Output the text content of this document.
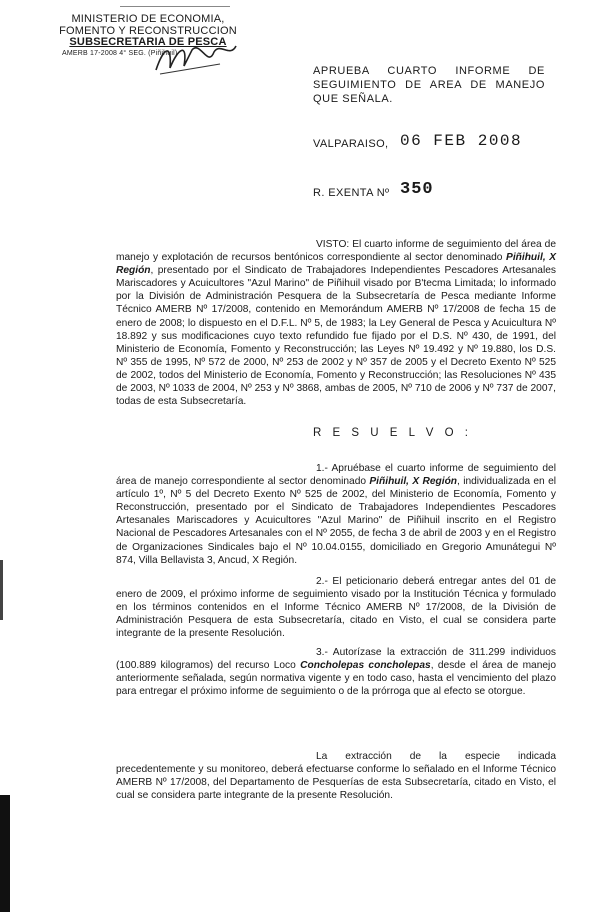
MINISTERIO DE ECONOMIA,
FOMENTO Y RECONSTRUCCION
SUBSECRETARIA DE PESCA
AMERB 17-2008 4° SEG. (Piñihuil)
APRUEBA CUARTO INFORME DE SEGUIMIENTO DE AREA DE MANEJO QUE SEÑALA.
VALPARAISO, 06 FEB 2008
R. EXENTA Nº 350
VISTO: El cuarto informe de seguimiento del área de manejo y explotación de recursos bentónicos correspondiente al sector denominado Piñihuil, X Región, presentado por el Sindicato de Trabajadores Independientes Pescadores Artesanales Mariscadores y Acuicultores "Azul Marino" de Piñihuil visado por B'tecma Limitada; lo informado por la División de Administración Pesquera de la Subsecretaría de Pesca mediante Informe Técnico AMERB Nº 17/2008, contenido en Memorándum AMERB Nº 17/2008 de fecha 15 de enero de 2008; lo dispuesto en el D.F.L. Nº 5, de 1983; la Ley General de Pesca y Acuicultura Nº 18.892 y sus modificaciones cuyo texto refundido fue fijado por el D.S. Nº 430, de 1991, del Ministerio de Economía, Fomento y Reconstrucción; las Leyes Nº 19.492 y Nº 19.880, los D.S. Nº 355 de 1995, Nº 572 de 2000, Nº 253 de 2002 y Nº 357 de 2005 y el Decreto Exento Nº 525 de 2002, todos del Ministerio de Economía, Fomento y Reconstrucción; las Resoluciones Nº 435 de 2003, Nº 1033 de 2004, Nº 253 y Nº 3868, ambas de 2005, Nº 710 de 2006 y Nº 737 de 2007, todas de esta Subsecretaría.
R E S U E L V O :
1.- Apruébase el cuarto informe de seguimiento del área de manejo correspondiente al sector denominado Piñihuil, X Región, individualizada en el artículo 1º, Nº 5 del Decreto Exento Nº 525 de 2002, del Ministerio de Economía, Fomento y Reconstrucción, presentado por el Sindicato de Trabajadores Independientes Pescadores Artesanales Mariscadores y Acuicultores "Azul Marino" de Piñihuil inscrito en el Registro Nacional de Pescadores Artesanales con el Nº 2055, de fecha 3 de abril de 2003 y en el Registro de Organizaciones Sindicales bajo el Nº 10.04.0155, domiciliado en Gregorio Amunátegui Nº 874, Villa Bellavista 3, Ancud, X Región.
2.- El peticionario deberá entregar antes del 01 de enero de 2009, el próximo informe de seguimiento visado por la Institución Técnica y formulado en los términos contenidos en el Informe Técnico AMERB Nº 17/2008, de la División de Administración Pesquera de esta Subsecretaría, citado en Visto, el cual se considera parte integrante de la presente Resolución.
3.- Autorízase la extracción de 311.299 individuos (100.889 kilogramos) del recurso Loco Concholepas concholepas, desde el área de manejo anteriormente señalada, según normativa vigente y en todo caso, hasta el vencimiento del plazo para entregar el próximo informe de seguimiento o de la prórroga que al efecto se otorgue.
La extracción de la especie indicada precedentemente y su monitoreo, deberá efectuarse conforme lo señalado en el Informe Técnico AMERB Nº 17/2008, del Departamento de Pesquerías de esta Subsecretaría, citado en Visto, el cual se considera parte integrante de la presente Resolución.
